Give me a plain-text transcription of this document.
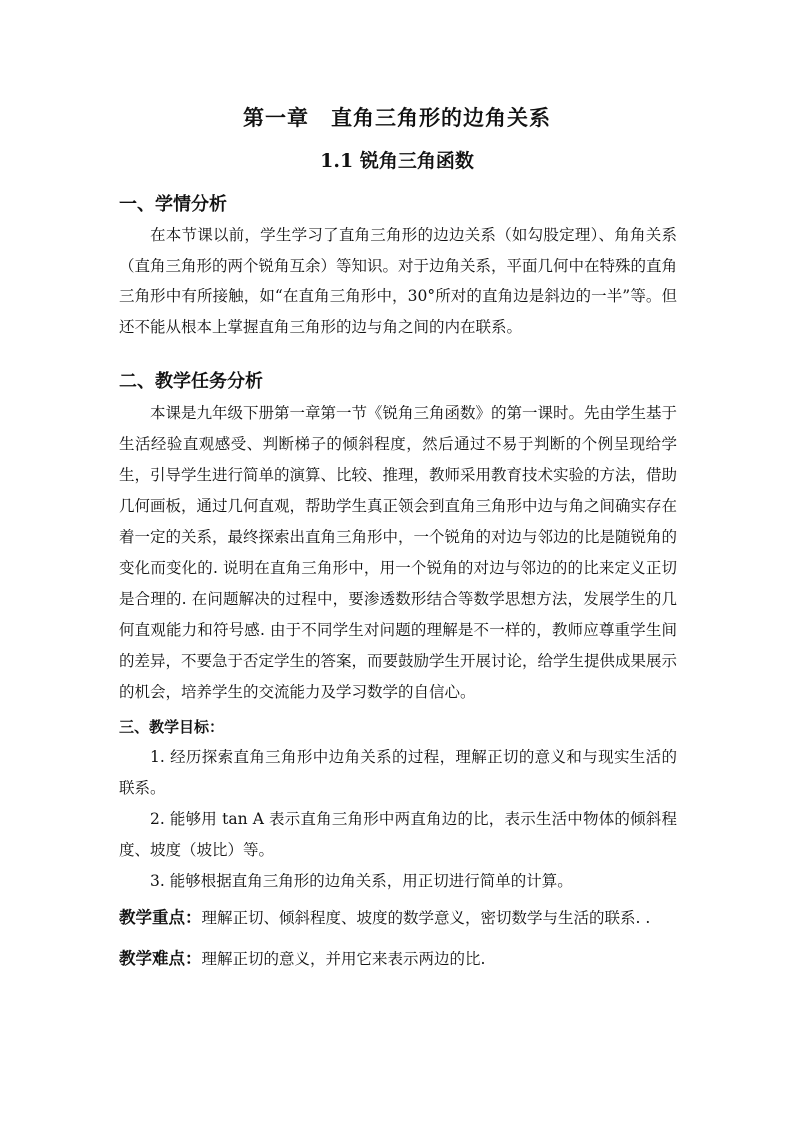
第一章　直角三角形的边角关系
1.1 锐角三角函数
一、学情分析

在本节课以前，学生学习了直角三角形的边边关系（如勾股定理）、角角关系（直角三角形的两个锐角互余）等知识。对于边角关系，平面几何中在特殊的直角三角形中有所接触，如“在直角三角形中，30°所对的直角边是斜边的一半”等。但还不能从根本上掌握直角三角形的边与角之间的内在联系。

二、教学任务分析

本课是九年级下册第一章第一节《锐角三角函数》的第一课时。先由学生基于生活经验直观感受、判断梯子的倾斜程度，然后通过不易于判断的个例呈现给学生，引导学生进行简单的演算、比较、推理，教师采用教育技术实验的方法，借助几何画板，通过几何直观，帮助学生真正领会到直角三角形中边与角之间确实存在着一定的关系，最终探索出直角三角形中，一个锐角的对边与邻边的比是随锐角的变化而变化的. 说明在直角三角形中，用一个锐角的对边与邻边的的比来定义正切是合理的. 在问题解决的过程中，要渗透数形结合等数学思想方法，发展学生的几何直观能力和符号感. 由于不同学生对问题的理解是不一样的，教师应尊重学生间的差异，不要急于否定学生的答案，而要鼓励学生开展讨论，给学生提供成果展示的机会，培养学生的交流能力及学习数学的自信心。

三、教学目标：

1. 经历探索直角三角形中边角关系的过程，理解正切的意义和与现实生活的联系。

2. 能够用 tan A 表示直角三角形中两直角边的比，表示生活中物体的倾斜程度、坡度（坡比）等。

3. 能够根据直角三角形的边角关系，用正切进行简单的计算。

教学重点：理解正切、倾斜程度、坡度的数学意义，密切数学与生活的联系. .
教学难点：理解正切的意义，并用它来表示两边的比.
